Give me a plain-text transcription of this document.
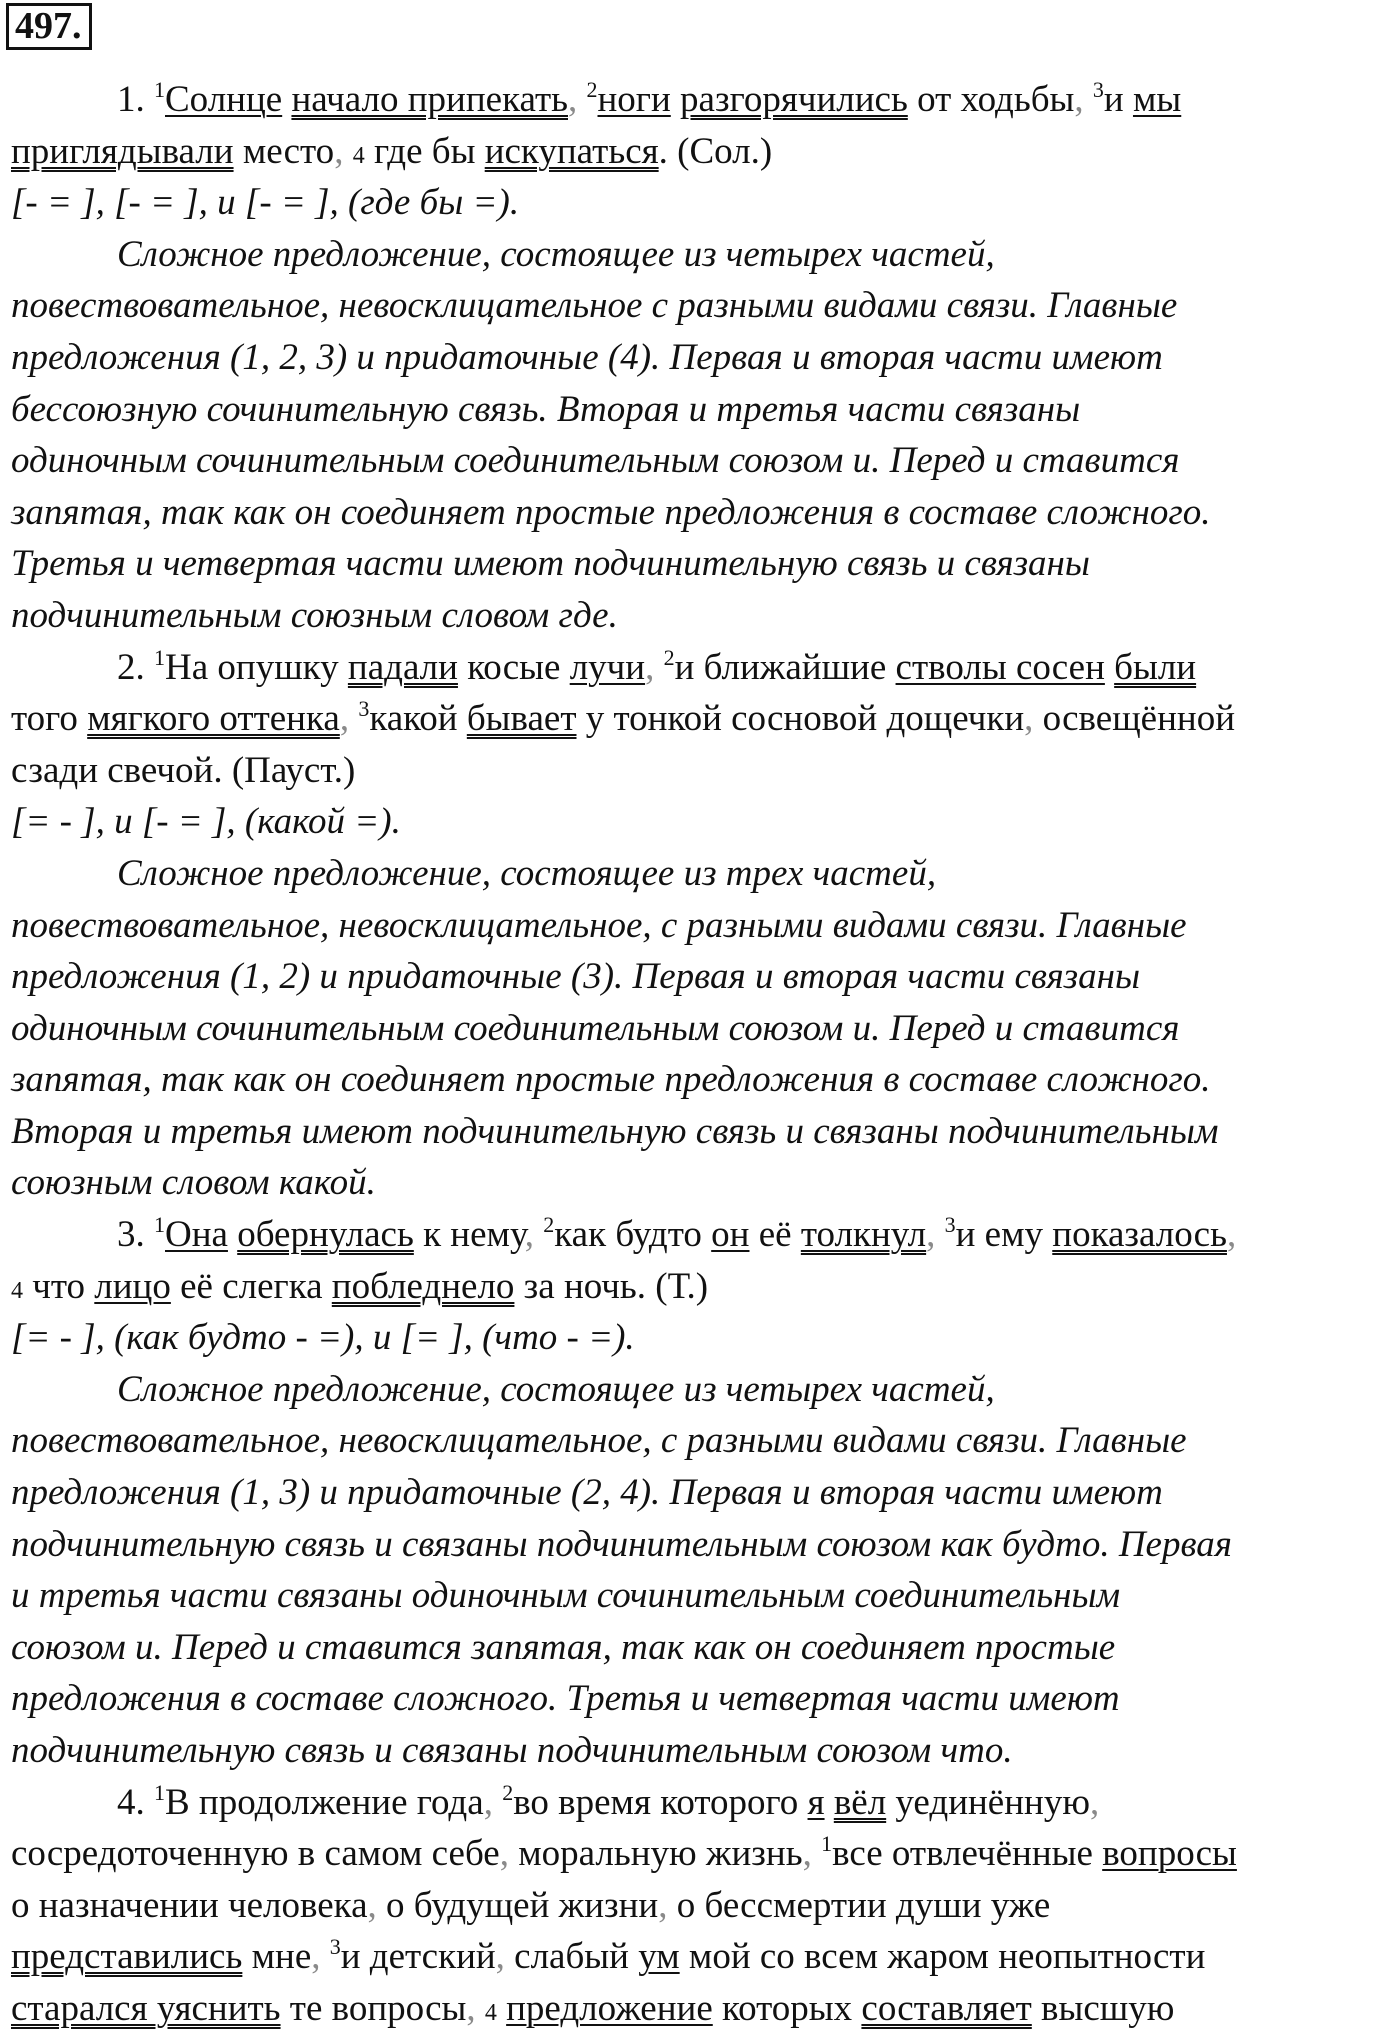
497.
1. $^1$Солнце начало припекать, $^2$ноги разгорячились от ходьбы, $^3$и мы
приглядывали место, 4 где бы искупаться. (Сол.)
[- = ], [- = ], и [- = ], (где бы =).
Сложное предложение, состоящее из четырех частей,
повествовательное, невосклицательное с разными видами связи. Главные
предложения (1, 2, 3) и придаточные (4). Первая и вторая части имеют
бессоюзную сочинительную связь. Вторая и третья части связаны
одиночным сочинительным соединительным союзом и. Перед и ставится
запятая, так как он соединяет простые предложения в составе сложного.
Третья и четвертая части имеют подчинительную связь и связаны
подчинительным союзным словом где.
2. $^1$На опушку падали косые лучи, $^2$и ближайшие стволы сосен были
того мягкого оттенка, $^3$какой бывает у тонкой сосновой дощечки, освещённой
сзади свечой. (Пауст.)
[= - ], и [- = ], (какой =).
Сложное предложение, состоящее из трех частей,
повествовательное, невосклицательное, с разными видами связи. Главные
предложения (1, 2) и придаточные (3). Первая и вторая части связаны
одиночным сочинительным соединительным союзом и. Перед и ставится
запятая, так как он соединяет простые предложения в составе сложного.
Вторая и третья имеют подчинительную связь и связаны подчинительным
союзным словом какой.
3. $^1$Она обернулась к нему, $^2$как будто он её толкнул, $^3$и ему показалось,
4 что лицо её слегка побледнело за ночь. (Т.)
[= - ], (как будто - =), и [= ], (что - =).
Сложное предложение, состоящее из четырех частей,
повествовательное, невосклицательное, с разными видами связи. Главные
предложения (1, 3) и придаточные (2, 4). Первая и вторая части имеют
подчинительную связь и связаны подчинительным союзом как будто. Первая
и третья части связаны одиночным сочинительным соединительным
союзом и. Перед и ставится запятая, так как он соединяет простые
предложения в составе сложного. Третья и четвертая части имеют
подчинительную связь и связаны подчинительным союзом что.
4. $^1$В продолжение года, $^2$во время которого я вёл уединённую,
сосредоточенную в самом себе, моральную жизнь, $^1$все отвлечённые вопросы
о назначении человека, о будущей жизни, о бессмертии души уже
представились мне, $^3$и детский, слабый ум мой со всем жаром неопытности
старался уяснить те вопросы, 4 предложение которых составляет высшую
